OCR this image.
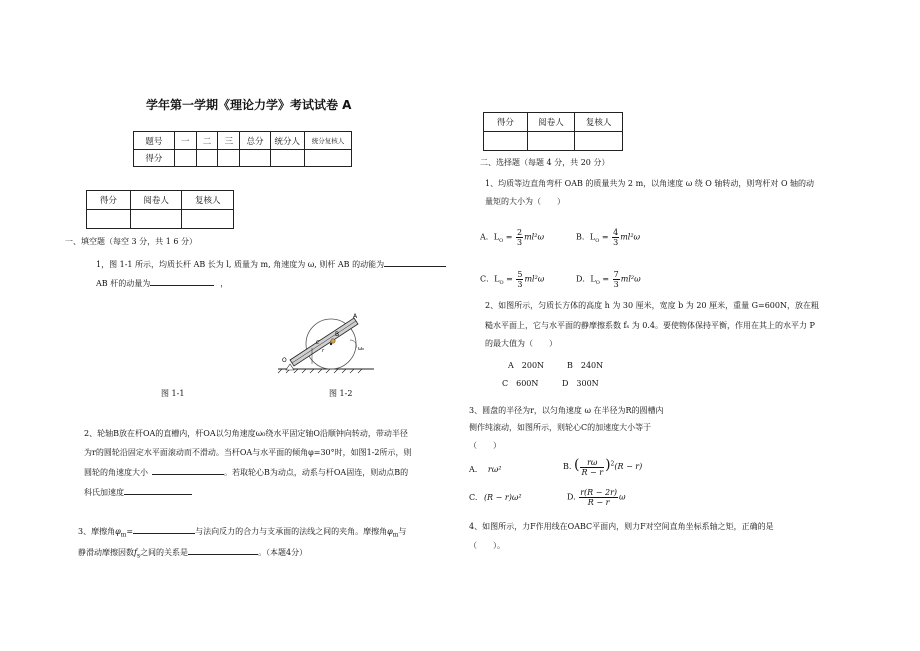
学年第一学期《理论力学》考试试卷 A
题号	一	二	三	总分	统分人	统分复核人
得分						
得分	阅卷人	复核人

一、填空题（每空 3 分，共 1 6 分）
1，图 1-1 所示，均质长杆 AB 长为 l, 质量为 m, 角速度为 ω, 则杆 AB 的动能为
AB 杆的动量为	，
A
B
O
C
r	ω₀
图 1-1	图 1-2
2、轮轴B放在杆OA的直槽内，杆OA以匀角速度ω₀绕水平固定轴O沿顺钟向转动，带动半径
为r的圆轮沿固定水平面滚动而不滑动。当杆OA与水平面的倾角φ=30°时，如图1-2所示，则
圆轮的角速度大小	。若取轮心B为动点，动系与杆OA固连，则动点B的
科氏加速度
3、摩擦角$\varphi_m=$	与法向反力的合力与支承面的法线之间的夹角。摩擦角$\varphi_m$与
静滑动摩擦因数$f_s$之间的关系是	。（本题4分）
得分	阅卷人	复核人

二、选择题（每题 4 分，共 20 分）
1、均质等边直角弯杆 OAB 的质量共为 2 m，以角速度 ω 绕 O 轴转动，则弯杆对 O 轴的动
量矩的大小为（　　）
A．$L_O = \frac{2}{3} ml^2\omega$	B．$L_O = \frac{4}{3} ml^2\omega$
C．$L_O = \frac{5}{3} ml^2\omega$	D．$L_O = \frac{7}{3} ml^2\omega$
2、如图所示，匀质长方体的高度 h 为 30 厘米，宽度 b 为 20 厘米，重量 G=600N，放在粗
糙水平面上，它与水平面的静摩擦系数 fₛ 为 0.4。要使物体保持平衡，作用在其上的水平力 P
的最大值为（　　）
A　200N	B　240N
C　600N	D　300N
3、圆盘的半径为r，以匀角速度 ω 在半径为R的圆槽内
侧作纯滚动，如图所示，则轮心C的加速度大小等于
（　　）
A. rω²	B. ( $\frac{r\omega}{R - r} )^2(R - r)$
C. (R − r)ω²	D. $\frac{r(R - 2r)}{R - r}$ ω
4、如图所示，力F作用线在OABC平面内，则力F对空间直角坐标系轴之矩，正确的是
（　　）。
